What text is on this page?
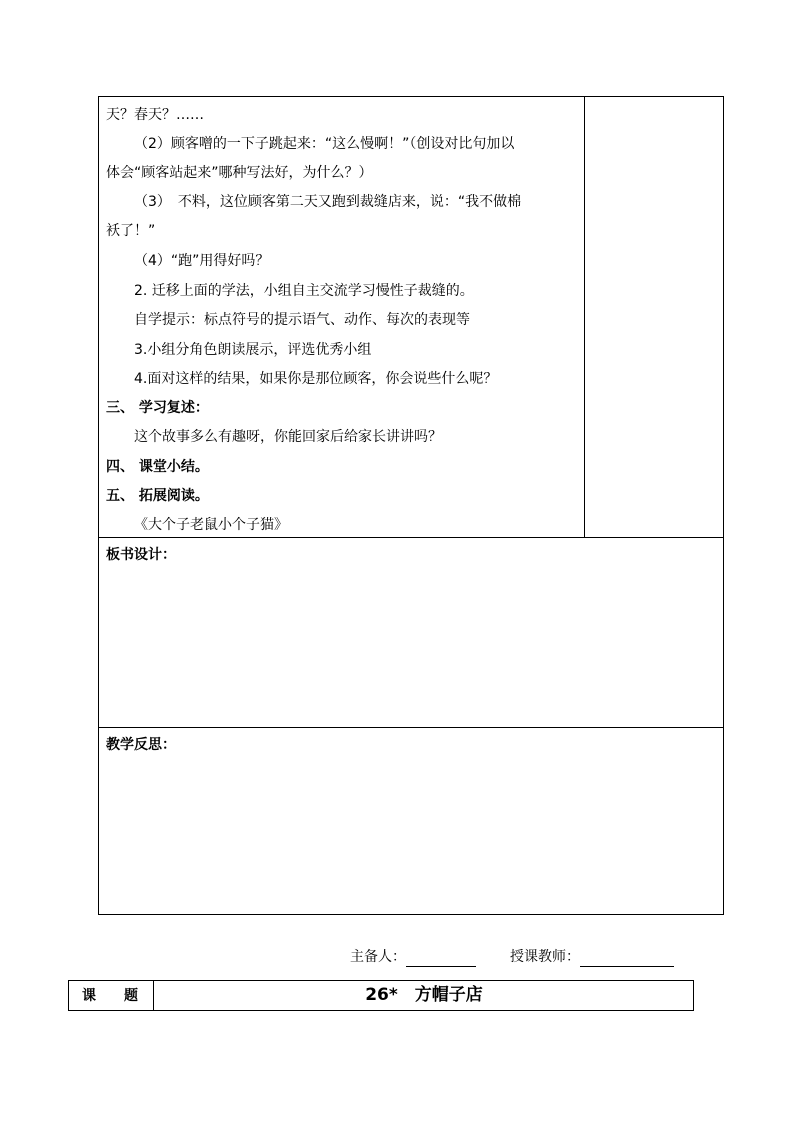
天？春天？……
（2）顾客噌的一下子跳起来：“这么慢啊！”（创设对比句加以
体会“顾客站起来”哪种写法好，为什么？）
（3）　不料，这位顾客第二天又跑到裁缝店来，说：“我不做棉
袄了！”
（4）“跑”用得好吗？
2. 迁移上面的学法，小组自主交流学习慢性子裁缝的。
自学提示：标点符号的提示语气、动作、每次的表现等
3.小组分角色朗读展示，评选优秀小组
4.面对这样的结果，如果你是那位顾客，你会说些什么呢？
三、 学习复述：
这个故事多么有趣呀，你能回家后给家长讲讲吗？
四、 课堂小结。
五、 拓展阅读。
《大个子老鼠小个子猫》
板书设计：
教学反思：
主备人：	授课教师：
课　　题	26*　方帽子店
